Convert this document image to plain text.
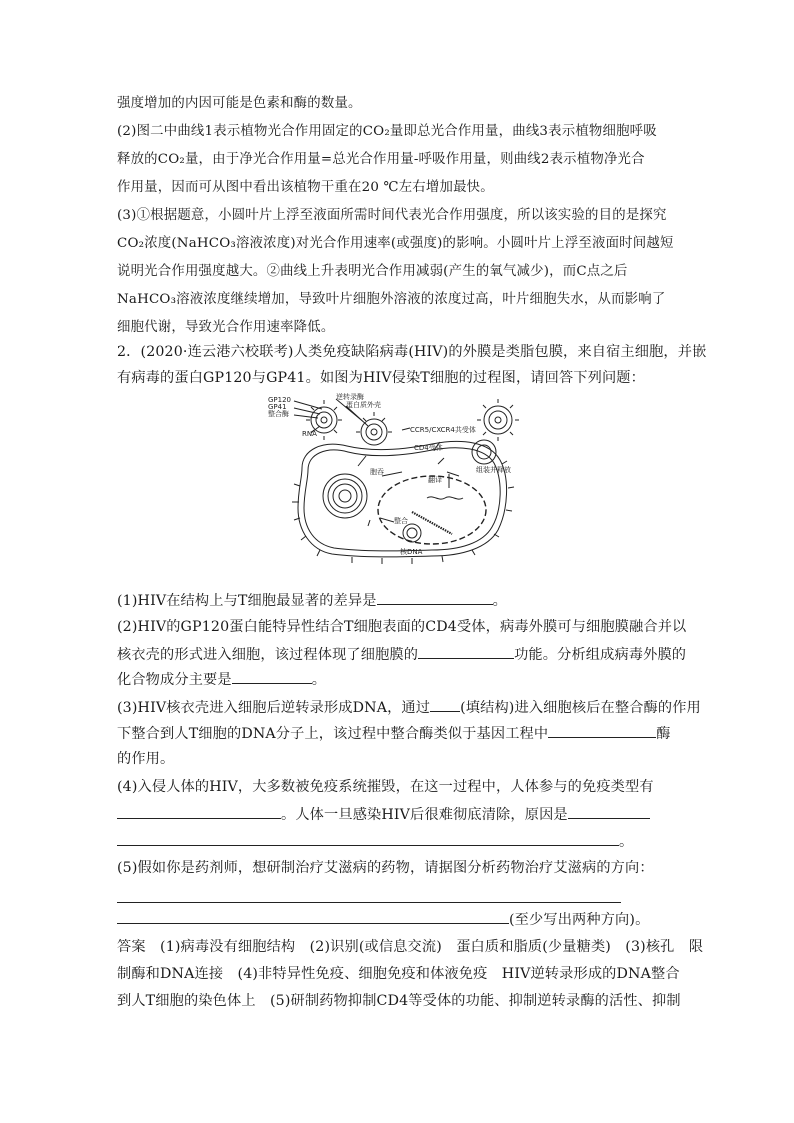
强度增加的内因可能是色素和酶的数量。
(2)图二中曲线1表示植物光合作用固定的CO₂量即总光合作用量，曲线3表示植物细胞呼吸
释放的CO₂量，由于净光合作用量=总光合作用量-呼吸作用量，则曲线2表示植物净光合
作用量，因而可从图中看出该植物干重在20 ℃左右增加最快。
(3)①根据题意，小圆叶片上浮至液面所需时间代表光合作用强度，所以该实验的目的是探究
CO₂浓度(NaHCO₃溶液浓度)对光合作用速率(或强度)的影响。小圆叶片上浮至液面时间越短
说明光合作用强度越大。②曲线上升表明光合作用减弱(产生的氧气减少)，而C点之后
NaHCO₃溶液浓度继续增加，导致叶片细胞外溶液的浓度过高，叶片细胞失水，从而影响了
细胞代谢，导致光合作用速率降低。
2．(2020·连云港六校联考)人类免疫缺陷病毒(HIV)的外膜是类脂包膜，来自宿主细胞，并嵌
有病毒的蛋白GP120与GP41。如图为HIV侵染T细胞的过程图，请回答下列问题：
GP120
GP41
整合酶
逆转录酶
蛋白质外壳
RNA	CCR5/CXCR4共受体
CD4受体
胞吞
翻译
组装并释放
整合
核DNA
(1)HIV在结构上与T细胞最显著的差异是	。
(2)HIV的GP120蛋白能特异性结合T细胞表面的CD4受体，病毒外膜可与细胞膜融合并以
核衣壳的形式进入细胞，该过程体现了细胞膜的	功能。分析组成病毒外膜的
化合物成分主要是	。
(3)HIV核衣壳进入细胞后逆转录形成DNA，通过 (填结构)进入细胞核后在整合酶的作用
下整合到人T细胞的DNA分子上，该过程中整合酶类似于基因工程中	酶
的作用。
(4)入侵人体的HIV，大多数被免疫系统摧毁，在这一过程中，人体参与的免疫类型有
。人体一旦感染HIV后很难彻底清除，原因是
。
(5)假如你是药剂师，想研制治疗艾滋病的药物，请据图分析药物治疗艾滋病的方向：
(至少写出两种方向)。
答案　(1)病毒没有细胞结构　(2)识别(或信息交流)　蛋白质和脂质(少量糖类)　(3)核孔　限
制酶和DNA连接　(4)非特异性免疫、细胞免疫和体液免疫　HIV逆转录形成的DNA整合
到人T细胞的染色体上　(5)研制药物抑制CD4等受体的功能、抑制逆转录酶的活性、抑制
